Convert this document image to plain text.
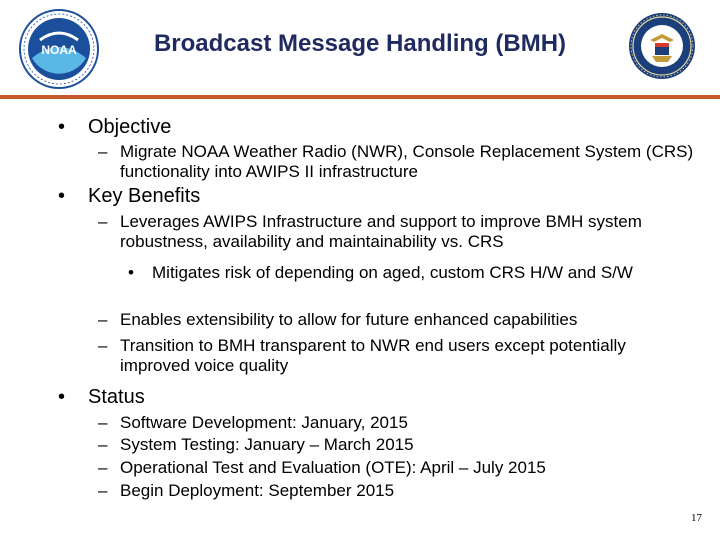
NOAA	Broadcast Message Handling (BMH)
• Objective
– Migrate NOAA Weather Radio (NWR), Console Replacement System (CRS) functionality into AWIPS II infrastructure
• Key Benefits
– Leverages AWIPS Infrastructure and support to improve BMH system robustness, availability and maintainability vs. CRS
• Mitigates risk of depending on aged, custom CRS H/W and S/W
– Enables extensibility to allow for future enhanced capabilities
– Transition to BMH transparent to NWR end users except potentially improved voice quality
• Status
– Software Development: January, 2015
– System Testing: January – March 2015
– Operational Test and Evaluation (OTE): April – July 2015
– Begin Deployment: September 2015
17
